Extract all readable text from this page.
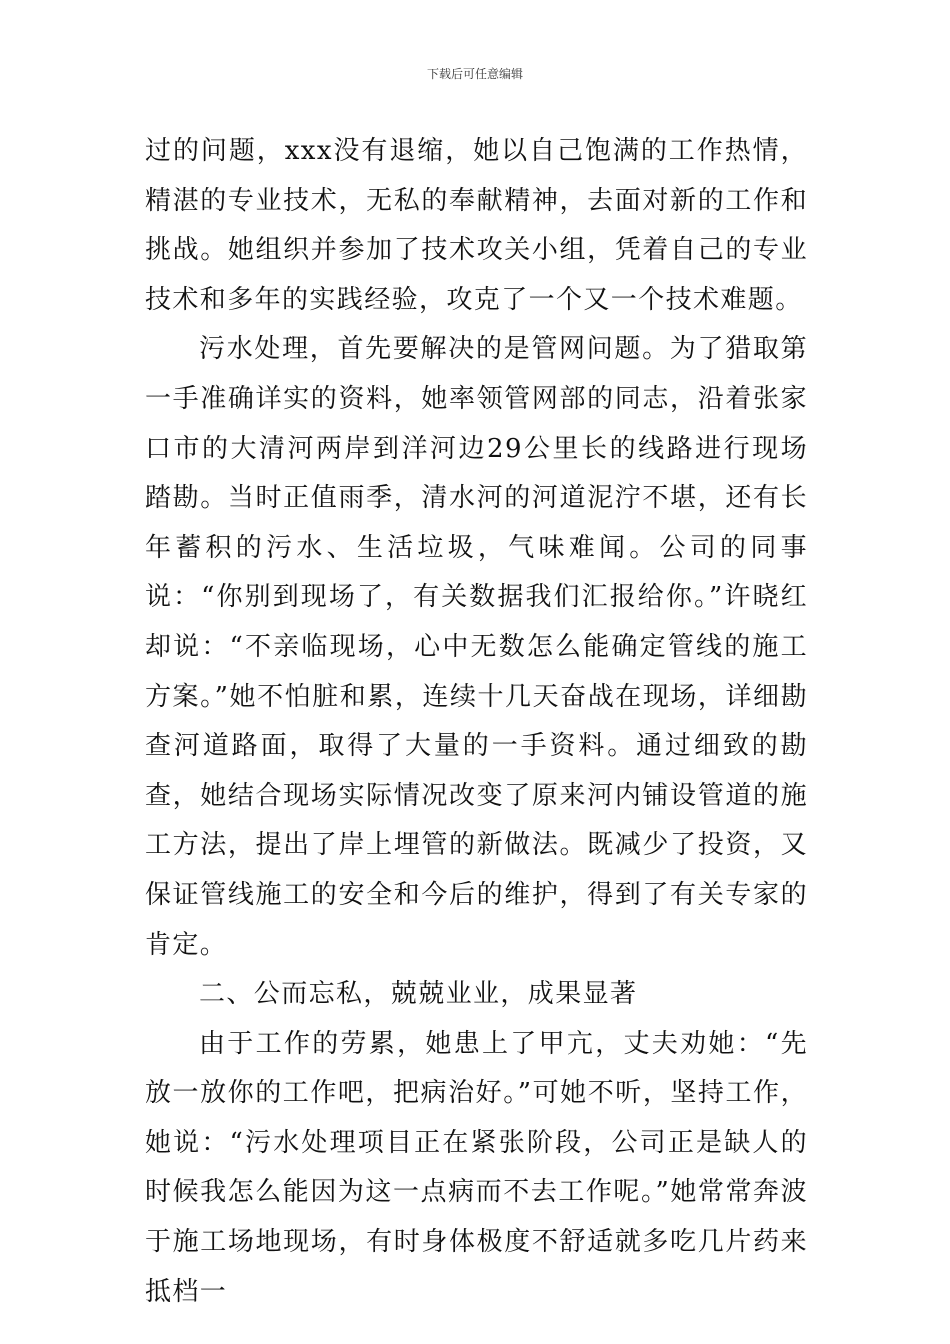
下载后可任意编辑

过的问题，xxx没有退缩，她以自己饱满的工作热情，精湛的专业技术，无私的奉献精神，去面对新的工作和挑战。她组织并参加了技术攻关小组，凭着自己的专业技术和多年的实践经验，攻克了一个又一个技术难题。

污水处理，首先要解决的是管网问题。为了猎取第一手准确详实的资料，她率领管网部的同志，沿着张家口市的大清河两岸到洋河边29公里长的线路进行现场踏勘。当时正值雨季，清水河的河道泥泞不堪，还有长年蓄积的污水、生活垃圾，气味难闻。公司的同事说：“你别到现场了，有关数据我们汇报给你。”许晓红却说：“不亲临现场，心中无数怎么能确定管线的施工方案。”她不怕脏和累，连续十几天奋战在现场，详细勘查河道路面，取得了大量的一手资料。通过细致的勘查，她结合现场实际情况改变了原来河内铺设管道的施工方法，提出了岸上埋管的新做法。既减少了投资，又保证管线施工的安全和今后的维护，得到了有关专家的肯定。

二、公而忘私，兢兢业业，成果显著

由于工作的劳累，她患上了甲亢，丈夫劝她：“先放一放你的工作吧，把病治好。”可她不听，坚持工作，她说：“污水处理项目正在紧张阶段，公司正是缺人的时候我怎么能因为这一点病而不去工作呢。”她常常奔波于施工场地现场，有时身体极度不舒适就多吃几片药来抵档一
